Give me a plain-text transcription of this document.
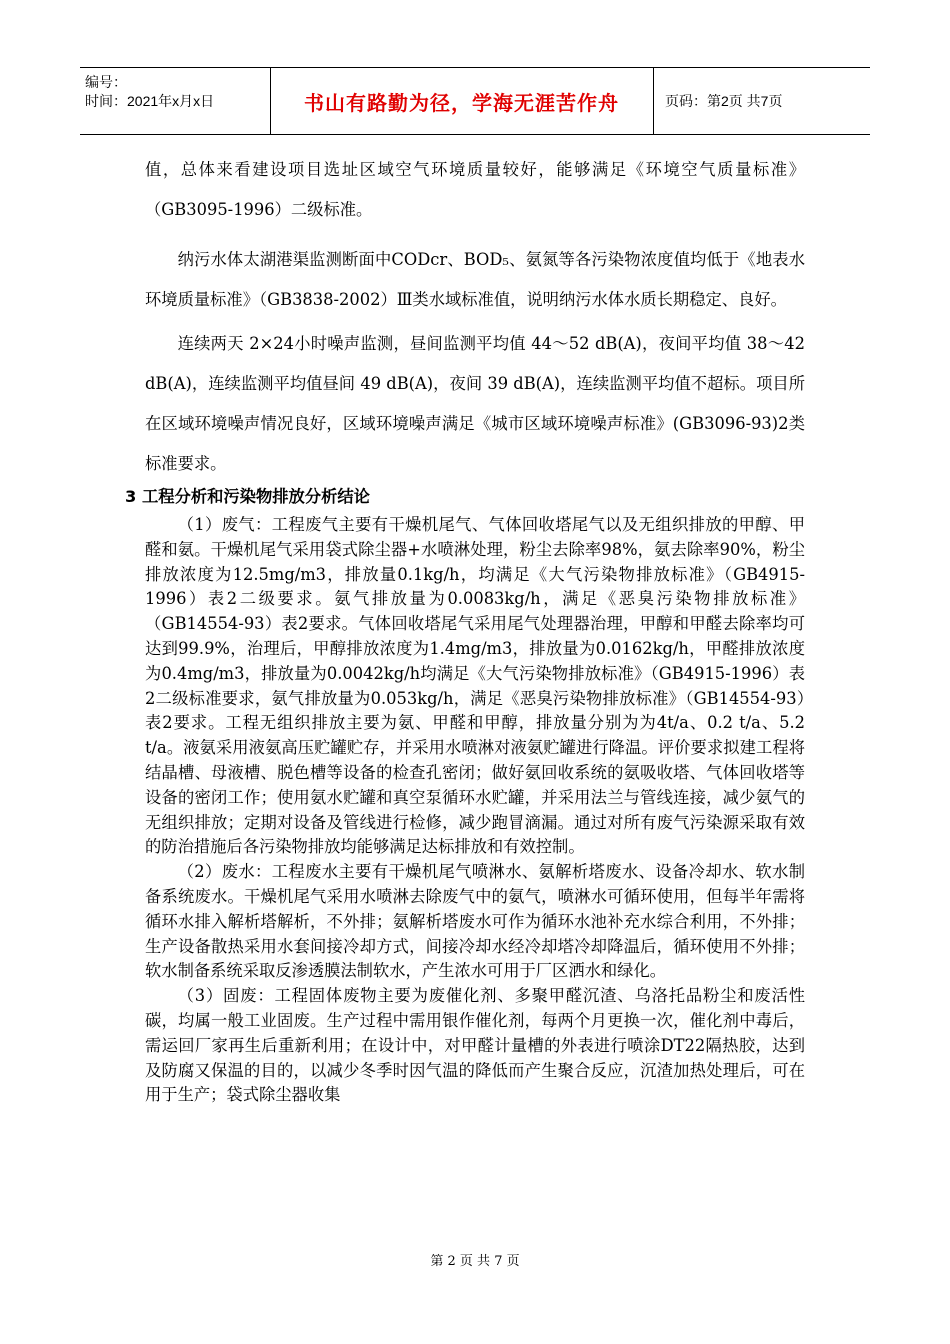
编号：
时间：2021年x月x日	书山有路勤为径，学海无涯苦作舟	页码：第2页 共7页

值，总体来看建设项目选址区域空气环境质量较好，能够满足《环境空气质量标准》（GB3095-1996）二级标准。

纳污水体太湖港渠监测断面中CODcr、BOD₅、氨氮等各污染物浓度值均低于《地表水环境质量标准》（GB3838-2002）Ⅲ类水域标准值，说明纳污水体水质长期稳定、良好。

连续两天 2×24小时噪声监测，昼间监测平均值 44～52 dB(A)，夜间平均值 38～42 dB(A)，连续监测平均值昼间 49 dB(A)，夜间 39 dB(A)，连续监测平均值不超标。项目所在区域环境噪声情况良好，区域环境噪声满足《城市区域环境噪声标准》(GB3096-93)2类标准要求。

3 工程分析和污染物排放分析结论

（1）废气：工程废气主要有干燥机尾气、气体回收塔尾气以及无组织排放的甲醇、甲醛和氨。干燥机尾气采用袋式除尘器+水喷淋处理，粉尘去除率98%，氨去除率90%，粉尘排放浓度为12.5mg/m3，排放量0.1kg/h，均满足《大气污染物排放标准》（GB4915-1996）表2二级要求。氨气排放量为0.0083kg/h，满足《恶臭污染物排放标准》（GB14554-93）表2要求。气体回收塔尾气采用尾气处理器治理，甲醇和甲醛去除率均可达到99.9%，治理后，甲醇排放浓度为1.4mg/m3，排放量为0.0162kg/h，甲醛排放浓度为0.4mg/m3，排放量为0.0042kg/h均满足《大气污染物排放标准》（GB4915-1996）表2二级标准要求，氨气排放量为0.053kg/h，满足《恶臭污染物排放标准》（GB14554-93）表2要求。工程无组织排放主要为氨、甲醛和甲醇，排放量分别为为4t/a、0.2 t/a、5.2 t/a。液氨采用液氨高压贮罐贮存，并采用水喷淋对液氨贮罐进行降温。评价要求拟建工程将结晶槽、母液槽、脱色槽等设备的检查孔密闭；做好氨回收系统的氨吸收塔、气体回收塔等设备的密闭工作；使用氨水贮罐和真空泵循环水贮罐，并采用法兰与管线连接，减少氨气的无组织排放；定期对设备及管线进行检修，减少跑冒滴漏。通过对所有废气污染源采取有效的防治措施后各污染物排放均能够满足达标排放和有效控制。

（2）废水：工程废水主要有干燥机尾气喷淋水、氨解析塔废水、设备冷却水、软水制备系统废水。干燥机尾气采用水喷淋去除废气中的氨气，喷淋水可循环使用，但每半年需将循环水排入解析塔解析，不外排；氨解析塔废水可作为循环水池补充水综合利用，不外排；生产设备散热采用水套间接冷却方式，间接冷却水经冷却塔冷却降温后，循环使用不外排；软水制备系统采取反渗透膜法制软水，产生浓水可用于厂区洒水和绿化。

（3）固废：工程固体废物主要为废催化剂、多聚甲醛沉渣、乌洛托品粉尘和废活性碳，均属一般工业固废。生产过程中需用银作催化剂，每两个月更换一次，催化剂中毒后，需运回厂家再生后重新利用；在设计中，对甲醛计量槽的外表进行喷涂DT22隔热胶，达到及防腐又保温的目的，以减少冬季时因气温的降低而产生聚合反应，沉渣加热处理后，可在用于生产；袋式除尘器收集

第 2 页 共 7 页
